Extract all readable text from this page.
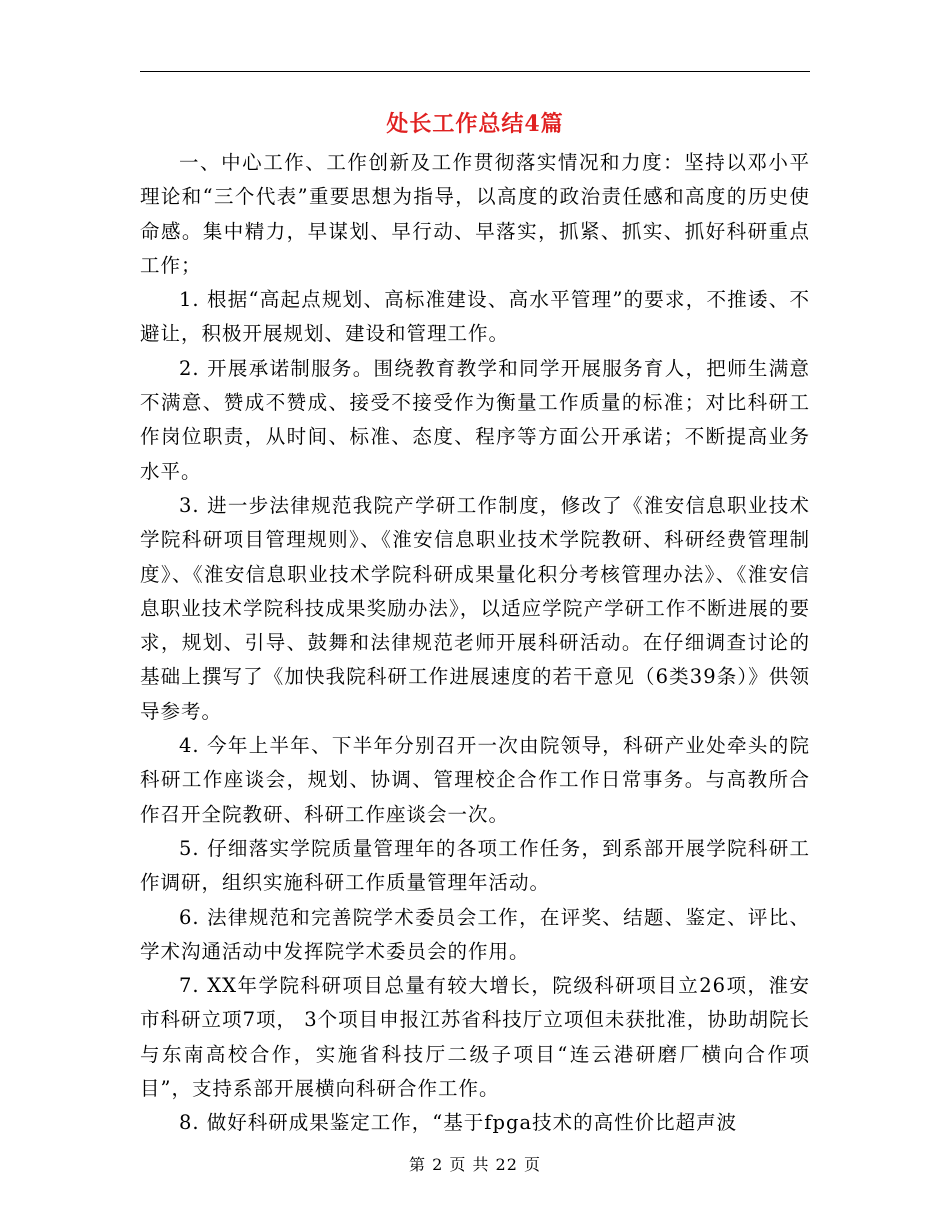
处长工作总结4篇

一、中心工作、工作创新及工作贯彻落实情况和力度：坚持以邓小平理论和“三个代表”重要思想为指导，以高度的政治责任感和高度的历史使命感。集中精力，早谋划、早行动、早落实，抓紧、抓实、抓好科研重点工作；

1. 根据“高起点规划、高标准建设、高水平管理”的要求，不推诿、不避让，积极开展规划、建设和管理工作。

2. 开展承诺制服务。围绕教育教学和同学开展服务育人，把师生满意不满意、赞成不赞成、接受不接受作为衡量工作质量的标准；对比科研工作岗位职责，从时间、标准、态度、程序等方面公开承诺；不断提高业务水平。

3. 进一步法律规范我院产学研工作制度，修改了《淮安信息职业技术学院科研项目管理规则》、《淮安信息职业技术学院教研、科研经费管理制度》、《淮安信息职业技术学院科研成果量化积分考核管理办法》、《淮安信息职业技术学院科技成果奖励办法》，以适应学院产学研工作不断进展的要求，规划、引导、鼓舞和法律规范老师开展科研活动。在仔细调查讨论的基础上撰写了《加快我院科研工作进展速度的若干意见（6类39条）》供领导参考。

4. 今年上半年、下半年分别召开一次由院领导，科研产业处牵头的院科研工作座谈会，规划、协调、管理校企合作工作日常事务。与高教所合作召开全院教研、科研工作座谈会一次。

5. 仔细落实学院质量管理年的各项工作任务，到系部开展学院科研工作调研，组织实施科研工作质量管理年活动。

6. 法律规范和完善院学术委员会工作，在评奖、结题、鉴定、评比、学术沟通活动中发挥院学术委员会的作用。

7. XX年学院科研项目总量有较大增长，院级科研项目立26项，淮安市科研立项7项， 3个项目申报江苏省科技厅立项但未获批准，协助胡院长与东南高校合作，实施省科技厅二级子项目“连云港研磨厂横向合作项目”，支持系部开展横向科研合作工作。

8. 做好科研成果鉴定工作，“基于fpga技术的高性价比超声波

第 2 页 共 22 页
